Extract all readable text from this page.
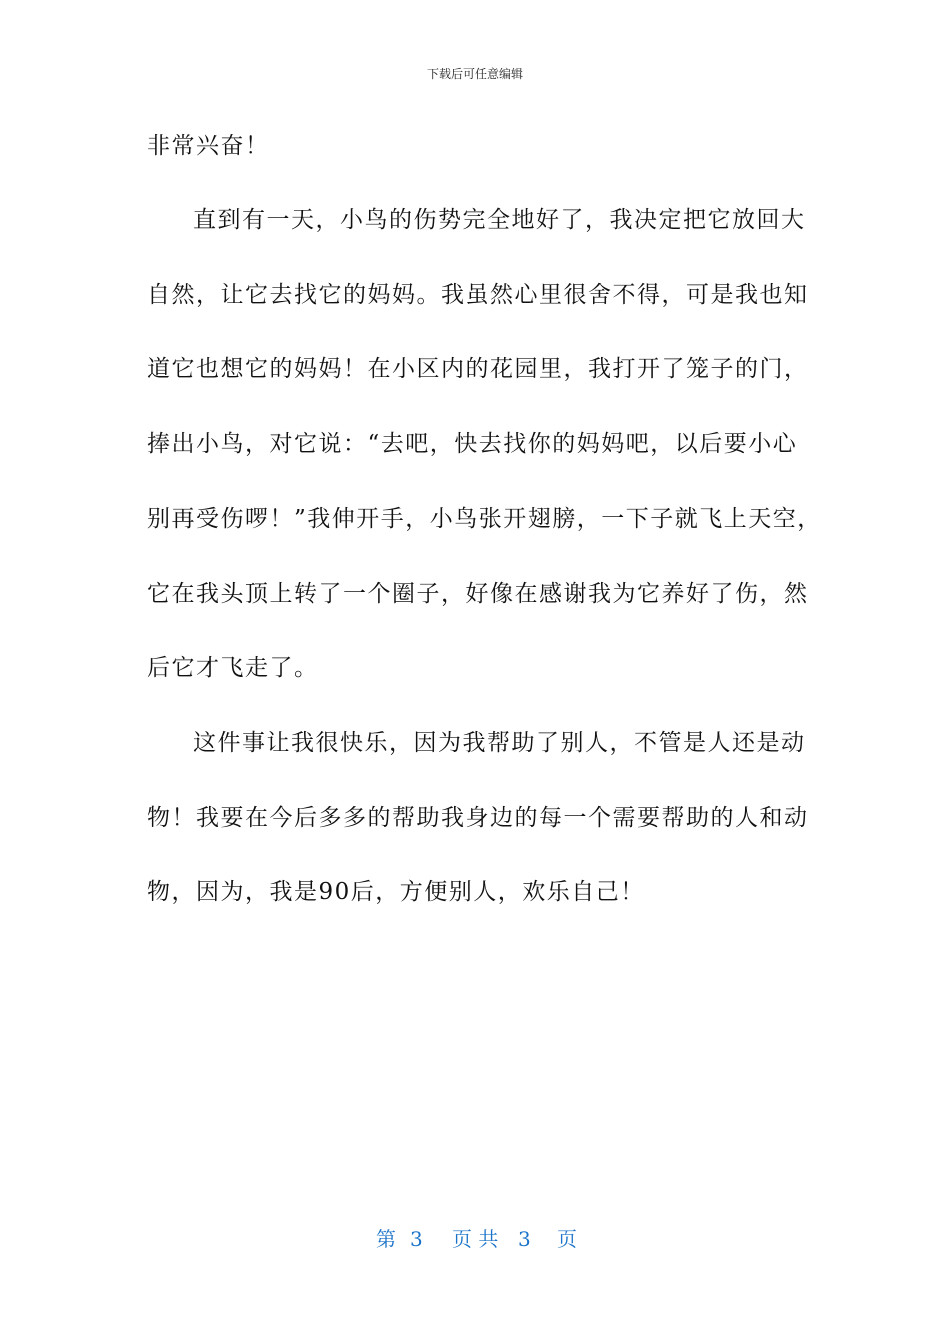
下载后可任意编辑
非常兴奋！
直到有一天，小鸟的伤势完全地好了，我决定把它放回大
自然，让它去找它的妈妈。我虽然心里很舍不得，可是我也知
道它也想它的妈妈！在小区内的花园里，我打开了笼子的门，
捧出小鸟，对它说：“去吧，快去找你的妈妈吧，以后要小心
别再受伤啰！”我伸开手，小鸟张开翅膀，一下子就飞上天空，
它在我头顶上转了一个圈子，好像在感谢我为它养好了伤，然
后它才飞走了。
这件事让我很快乐，因为我帮助了别人，不管是人还是动
物！我要在今后多多的帮助我身边的每一个需要帮助的人和动
物，因为，我是90后，方便别人，欢乐自己！
第 3 页 共 3 页
